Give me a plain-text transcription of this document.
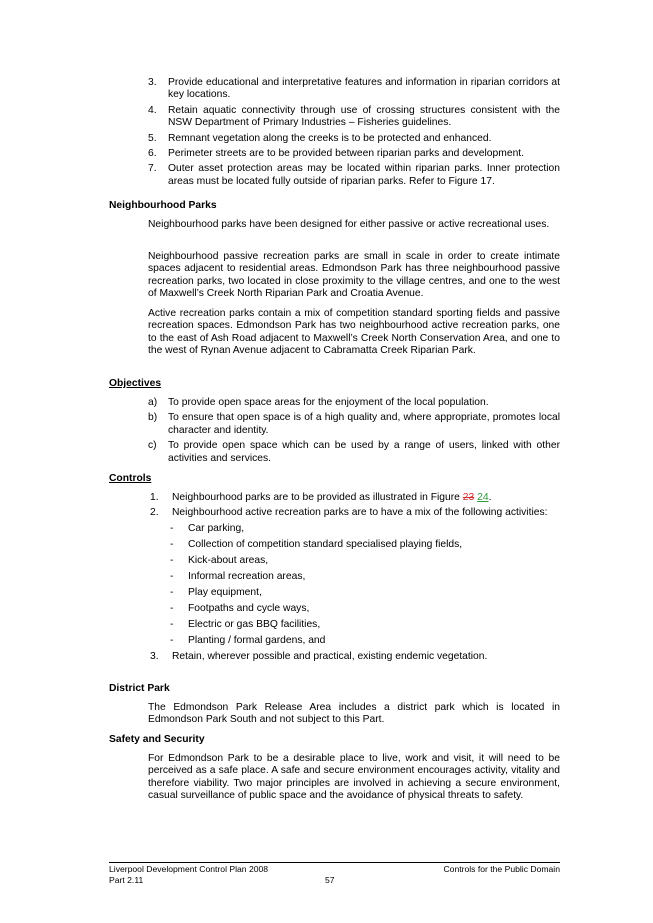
3. Provide educational and interpretative features and information in riparian corridors at key locations.
4. Retain aquatic connectivity through use of crossing structures consistent with the NSW Department of Primary Industries – Fisheries guidelines.
5. Remnant vegetation along the creeks is to be protected and enhanced.
6. Perimeter streets are to be provided between riparian parks and development.
7. Outer asset protection areas may be located within riparian parks. Inner protection areas must be located fully outside of riparian parks. Refer to Figure 17.
Neighbourhood Parks
Neighbourhood parks have been designed for either passive or active recreational uses.
Neighbourhood passive recreation parks are small in scale in order to create intimate spaces adjacent to residential areas. Edmondson Park has three neighbourhood passive recreation parks, two located in close proximity to the village centres, and one to the west of Maxwell’s Creek North Riparian Park and Croatia Avenue.
Active recreation parks contain a mix of competition standard sporting fields and passive recreation spaces. Edmondson Park has two neighbourhood active recreation parks, one to the east of Ash Road adjacent to Maxwell’s Creek North Conservation Area, and one to the west of Rynan Avenue adjacent to Cabramatta Creek Riparian Park.
Objectives
a) To provide open space areas for the enjoyment of the local population.
b) To ensure that open space is of a high quality and, where appropriate, promotes local character and identity.
c) To provide open space which can be used by a range of users, linked with other activities and services.
Controls
1. Neighbourhood parks are to be provided as illustrated in Figure 23 24.
2. Neighbourhood active recreation parks are to have a mix of the following activities:
- Car parking,
- Collection of competition standard specialised playing fields,
- Kick-about areas,
- Informal recreation areas,
- Play equipment,
- Footpaths and cycle ways,
- Electric or gas BBQ facilities,
- Planting / formal gardens, and
3. Retain, wherever possible and practical, existing endemic vegetation.
District Park
The Edmondson Park Release Area includes a district park which is located in Edmondson Park South and not subject to this Part.
Safety and Security
For Edmondson Park to be a desirable place to live, work and visit, it will need to be perceived as a safe place. A safe and secure environment encourages activity, vitality and therefore viability. Two major principles are involved in achieving a secure environment, casual surveillance of public space and the avoidance of physical threats to safety.
Liverpool Development Control Plan 2008
Part 2.11	57
Controls for the Public Domain
